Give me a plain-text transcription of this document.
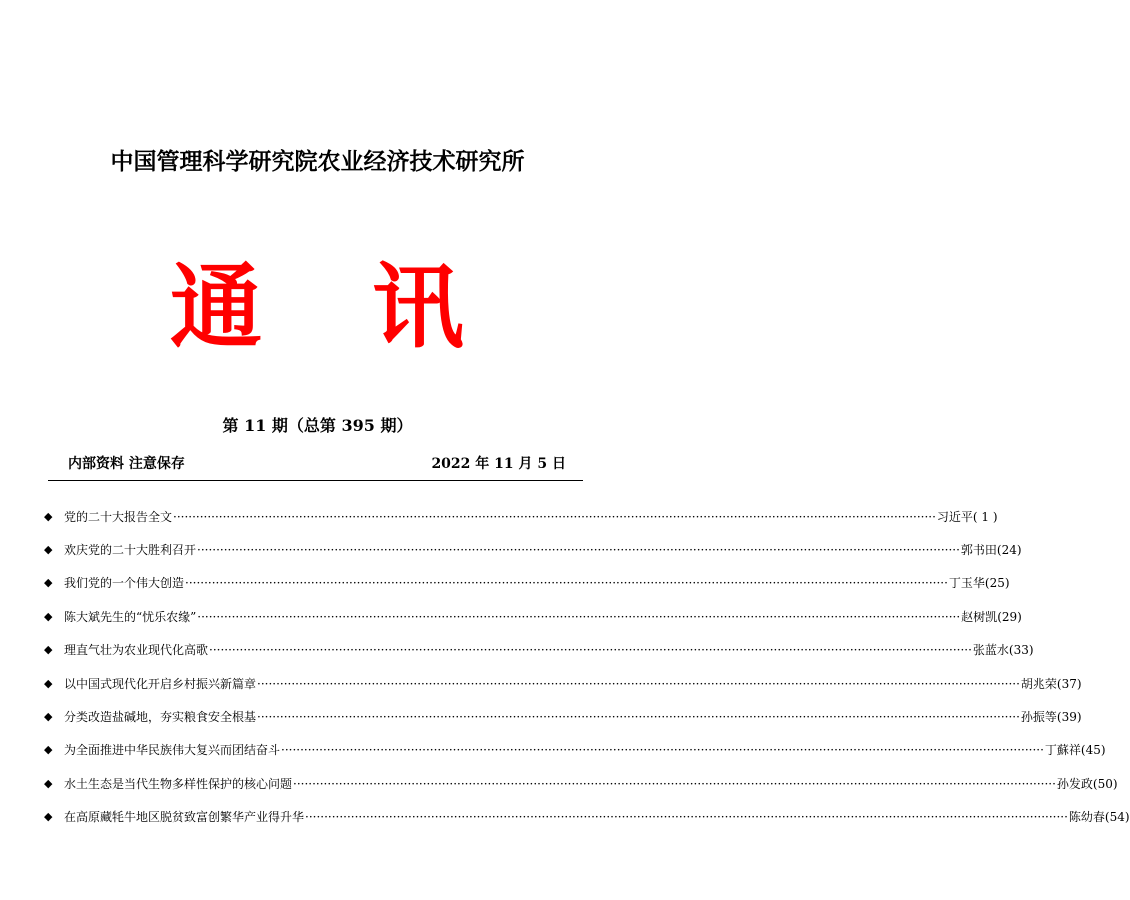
中国管理科学研究院农业经济技术研究所
通 讯
第 11 期（总第 395 期）
内部资料 注意保存	2022 年 11 月 5 日
◆ 党的二十大报告全文 ········································································································································································································ 习近平 ( 1 )
◆ 欢庆党的二十大胜利召开 ········································································································································································································ 郭书田 (24)
◆ 我们党的一个伟大创造 ········································································································································································································ 丁玉华 (25)
◆ 陈大斌先生的“忧乐农缘” ········································································································································································································ 赵树凯 (29)
◆ 理直气壮为农业现代化高歌 ········································································································································································································ 张蓝水 (33)
◆ 以中国式现代化开启乡村振兴新篇章 ········································································································································································································ 胡兆荣 (37)
◆ 分类改造盐碱地，夯实粮食安全根基 ········································································································································································································ 孙振等 (39)
◆ 为全面推进中华民族伟大复兴而团结奋斗 ········································································································································································································ 丁蘇祥 (45)
◆ 水土生态是当代生物多样性保护的核心问题 ········································································································································································································ 孙发政 (50)
◆ 在高原藏牦牛地区脱贫致富创繁华产业得升华 ········································································································································································································ 陈幼春 (54)
